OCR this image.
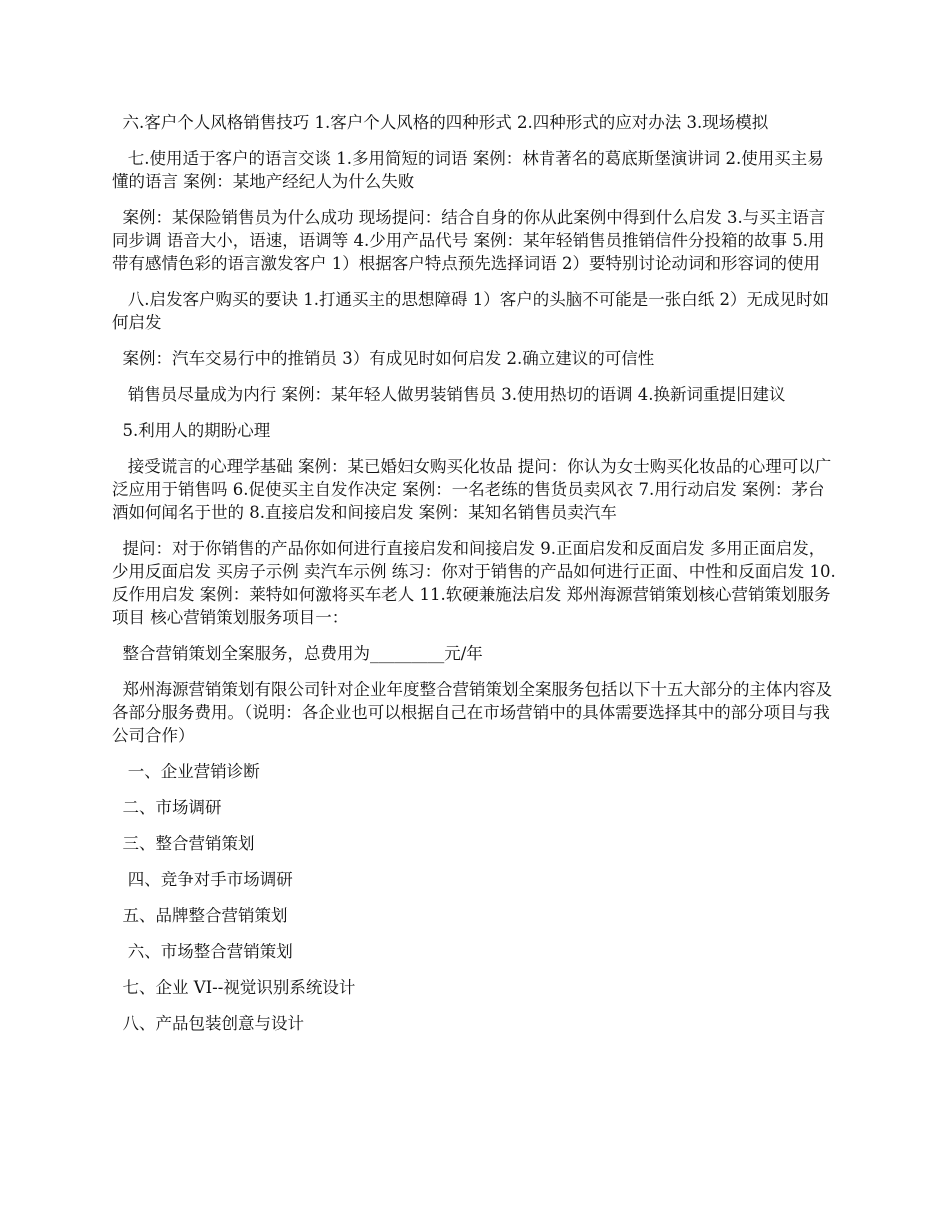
六.客户个人风格销售技巧 1.客户个人风格的四种形式 2.四种形式的应对办法 3.现场模拟

七.使用适于客户的语言交谈 1.多用简短的词语 案例：林肯著名的葛底斯堡演讲词 2.使用买主易懂的语言 案例：某地产经纪人为什么失败

案例：某保险销售员为什么成功 现场提问：结合自身的你从此案例中得到什么启发 3.与买主语言同步调 语音大小，语速，语调等 4.少用产品代号 案例：某年轻销售员推销信件分投箱的故事 5.用带有感情色彩的语言激发客户 1）根据客户特点预先选择词语 2）要特别讨论动词和形容词的使用

八.启发客户购买的要诀 1.打通买主的思想障碍 1）客户的头脑不可能是一张白纸 2）无成见时如何启发

案例：汽车交易行中的推销员 3）有成见时如何启发 2.确立建议的可信性

销售员尽量成为内行 案例：某年轻人做男装销售员 3.使用热切的语调 4.换新词重提旧建议

5.利用人的期盼心理

接受谎言的心理学基础 案例：某已婚妇女购买化妆品 提问：你认为女士购买化妆品的心理可以广泛应用于销售吗 6.促使买主自发作决定 案例：一名老练的售货员卖风衣 7.用行动启发 案例：茅台酒如何闻名于世的 8.直接启发和间接启发 案例：某知名销售员卖汽车

提问：对于你销售的产品你如何进行直接启发和间接启发 9.正面启发和反面启发 多用正面启发，少用反面启发 买房子示例 卖汽车示例 练习：你对于销售的产品如何进行正面、中性和反面启发 10.反作用启发 案例：莱特如何激将买车老人 11.软硬兼施法启发 郑州海源营销策划核心营销策划服务项目 核心营销策划服务项目一：

整合营销策划全案服务，总费用为_________元/年

郑州海源营销策划有限公司针对企业年度整合营销策划全案服务包括以下十五大部分的主体内容及各部分服务费用。（说明：各企业也可以根据自己在市场营销中的具体需要选择其中的部分项目与我公司合作）

一、企业营销诊断

二、市场调研

三、整合营销策划

四、竞争对手市场调研

五、品牌整合营销策划

六、市场整合营销策划

七、企业 VI--视觉识别系统设计

八、产品包装创意与设计
